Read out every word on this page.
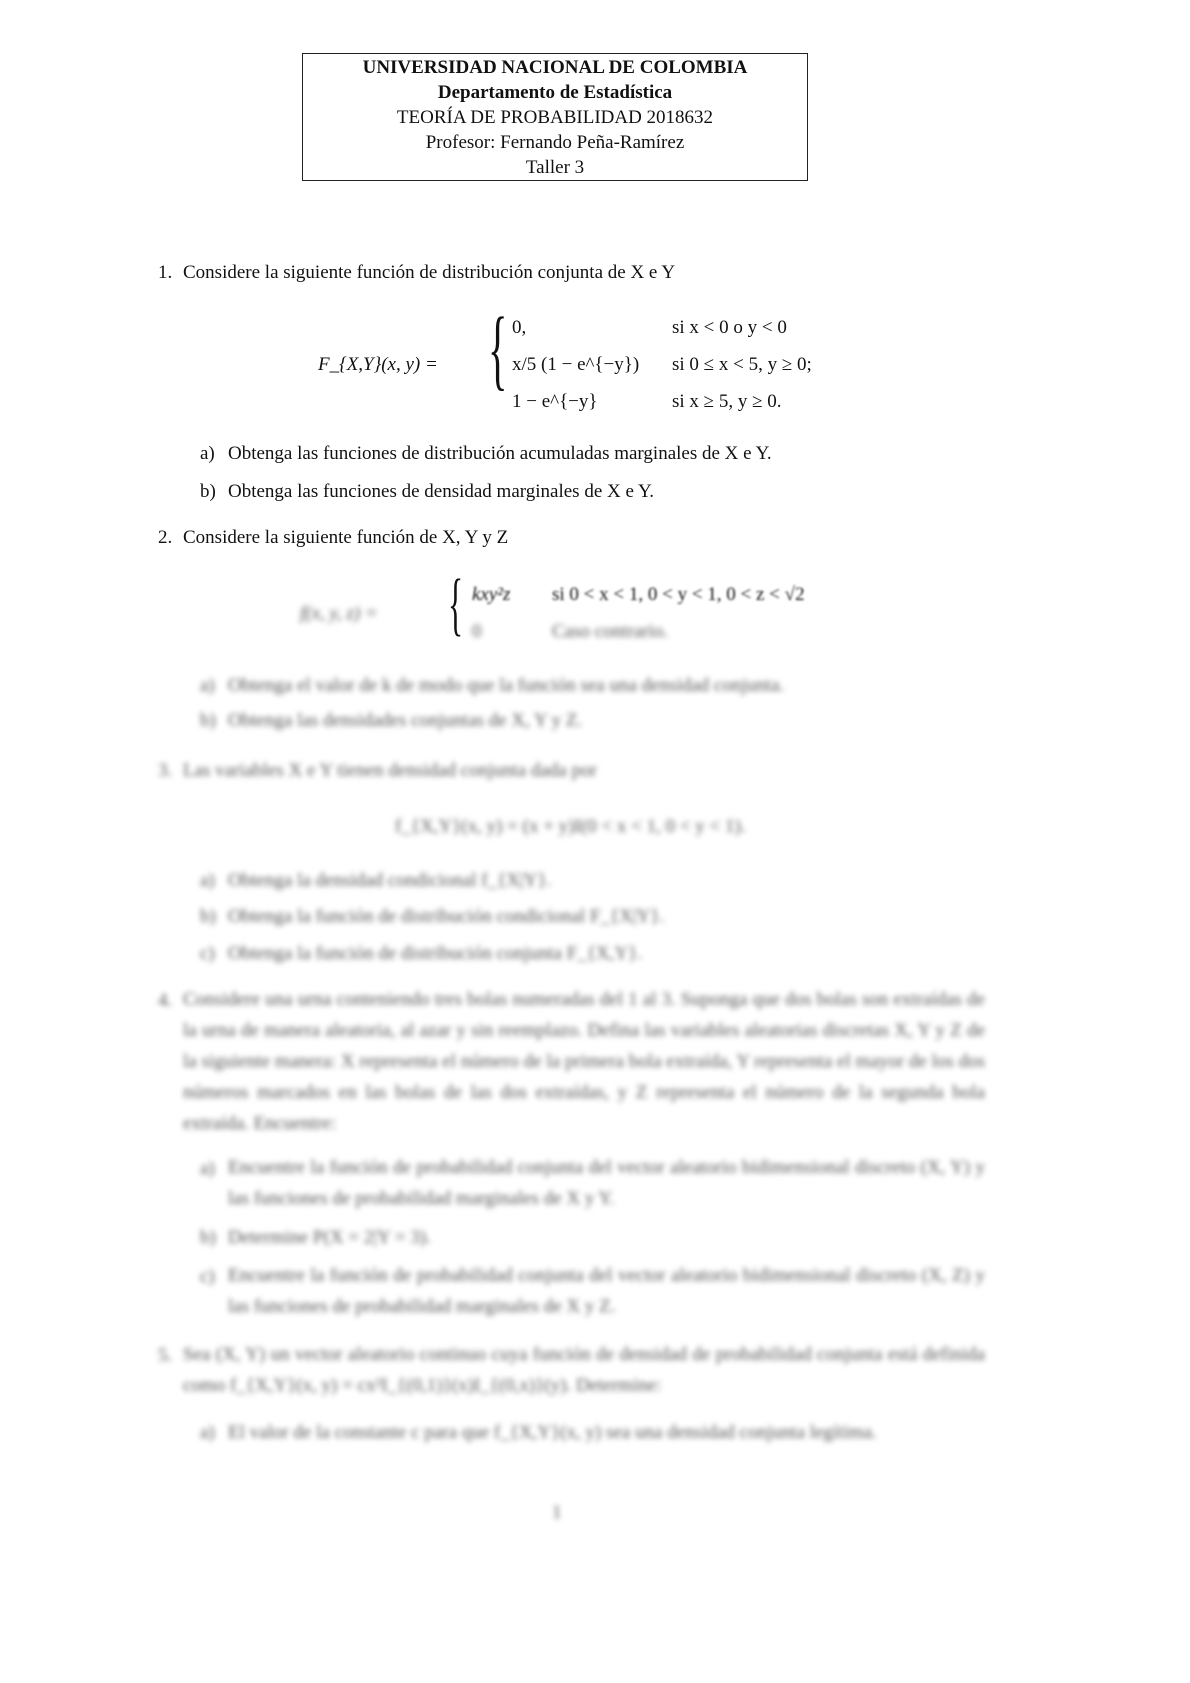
UNIVERSIDAD NACIONAL DE COLOMBIA
Departamento de Estadística
TEORÍA DE PROBABILIDAD 2018632
Profesor: Fernando Peña-Ramírez
Taller 3
1. Considere la siguiente función de distribución conjunta de X e Y
F_{X,Y}(x, y) = { 0,	si x < 0 o y < 0
x/5 (1 − e^{−y}) si 0 ≤ x < 5, y ≥ 0;
1 − e^{−y}	si x ≥ 5, y ≥ 0.
a) Obtenga las funciones de distribución acumuladas marginales de X e Y.
b) Obtenga las funciones de densidad marginales de X e Y.
2. Considere la siguiente función de X, Y y Z
f(x, y, z) = { kxy²z si 0 < x < 1, 0 < y < 1, 0 < z < √2
0	Caso contrario.
a) Obtenga el valor de k de modo que la función sea una densidad conjunta.
b) Obtenga las densidades conjuntas de X, Y y Z.
3. Las variables X e Y tienen densidad conjunta dada por
f_{X,Y}(x, y) = (x + y)I(0 < x < 1, 0 < y < 1).
a) Obtenga la densidad condicional f_{X|Y}.
b) Obtenga la función de distribución condicional F_{X|Y}.
c) Obtenga la función de distribución conjunta F_{X,Y}.
4. Considere una urna conteniendo tres bolas numeradas del 1 al 3. Suponga que dos bolas son extraídas de la urna de manera aleatoria, al azar y sin reemplazo. Defina las variables aleatorias discretas X, Y y Z de la siguiente manera: X representa el número de la primera bola extraída, Y representa el mayor de los dos números marcados en las bolas de las dos extraídas, y Z representa el número de la segunda bola extraída. Encuentre:
a) Encuentre la función de probabilidad conjunta del vector aleatorio bidimensional discreto (X, Y) y las funciones de probabilidad marginales de X y Y.
b) Determine P(X = 2|Y = 3).
c) Encuentre la función de probabilidad conjunta del vector aleatorio bidimensional discreto (X, Z) y las funciones de probabilidad marginales de X y Z.
5. Sea (X, Y) un vector aleatorio continuo cuya función de densidad de probabilidad conjunta está definida como f_{X,Y}(x, y) = cx²I_{(0,1)}(x)I_{(0,x)}(y). Determine:
a) El valor de la constante c para que f_{X,Y}(x, y) sea una densidad conjunta legítima.
1
